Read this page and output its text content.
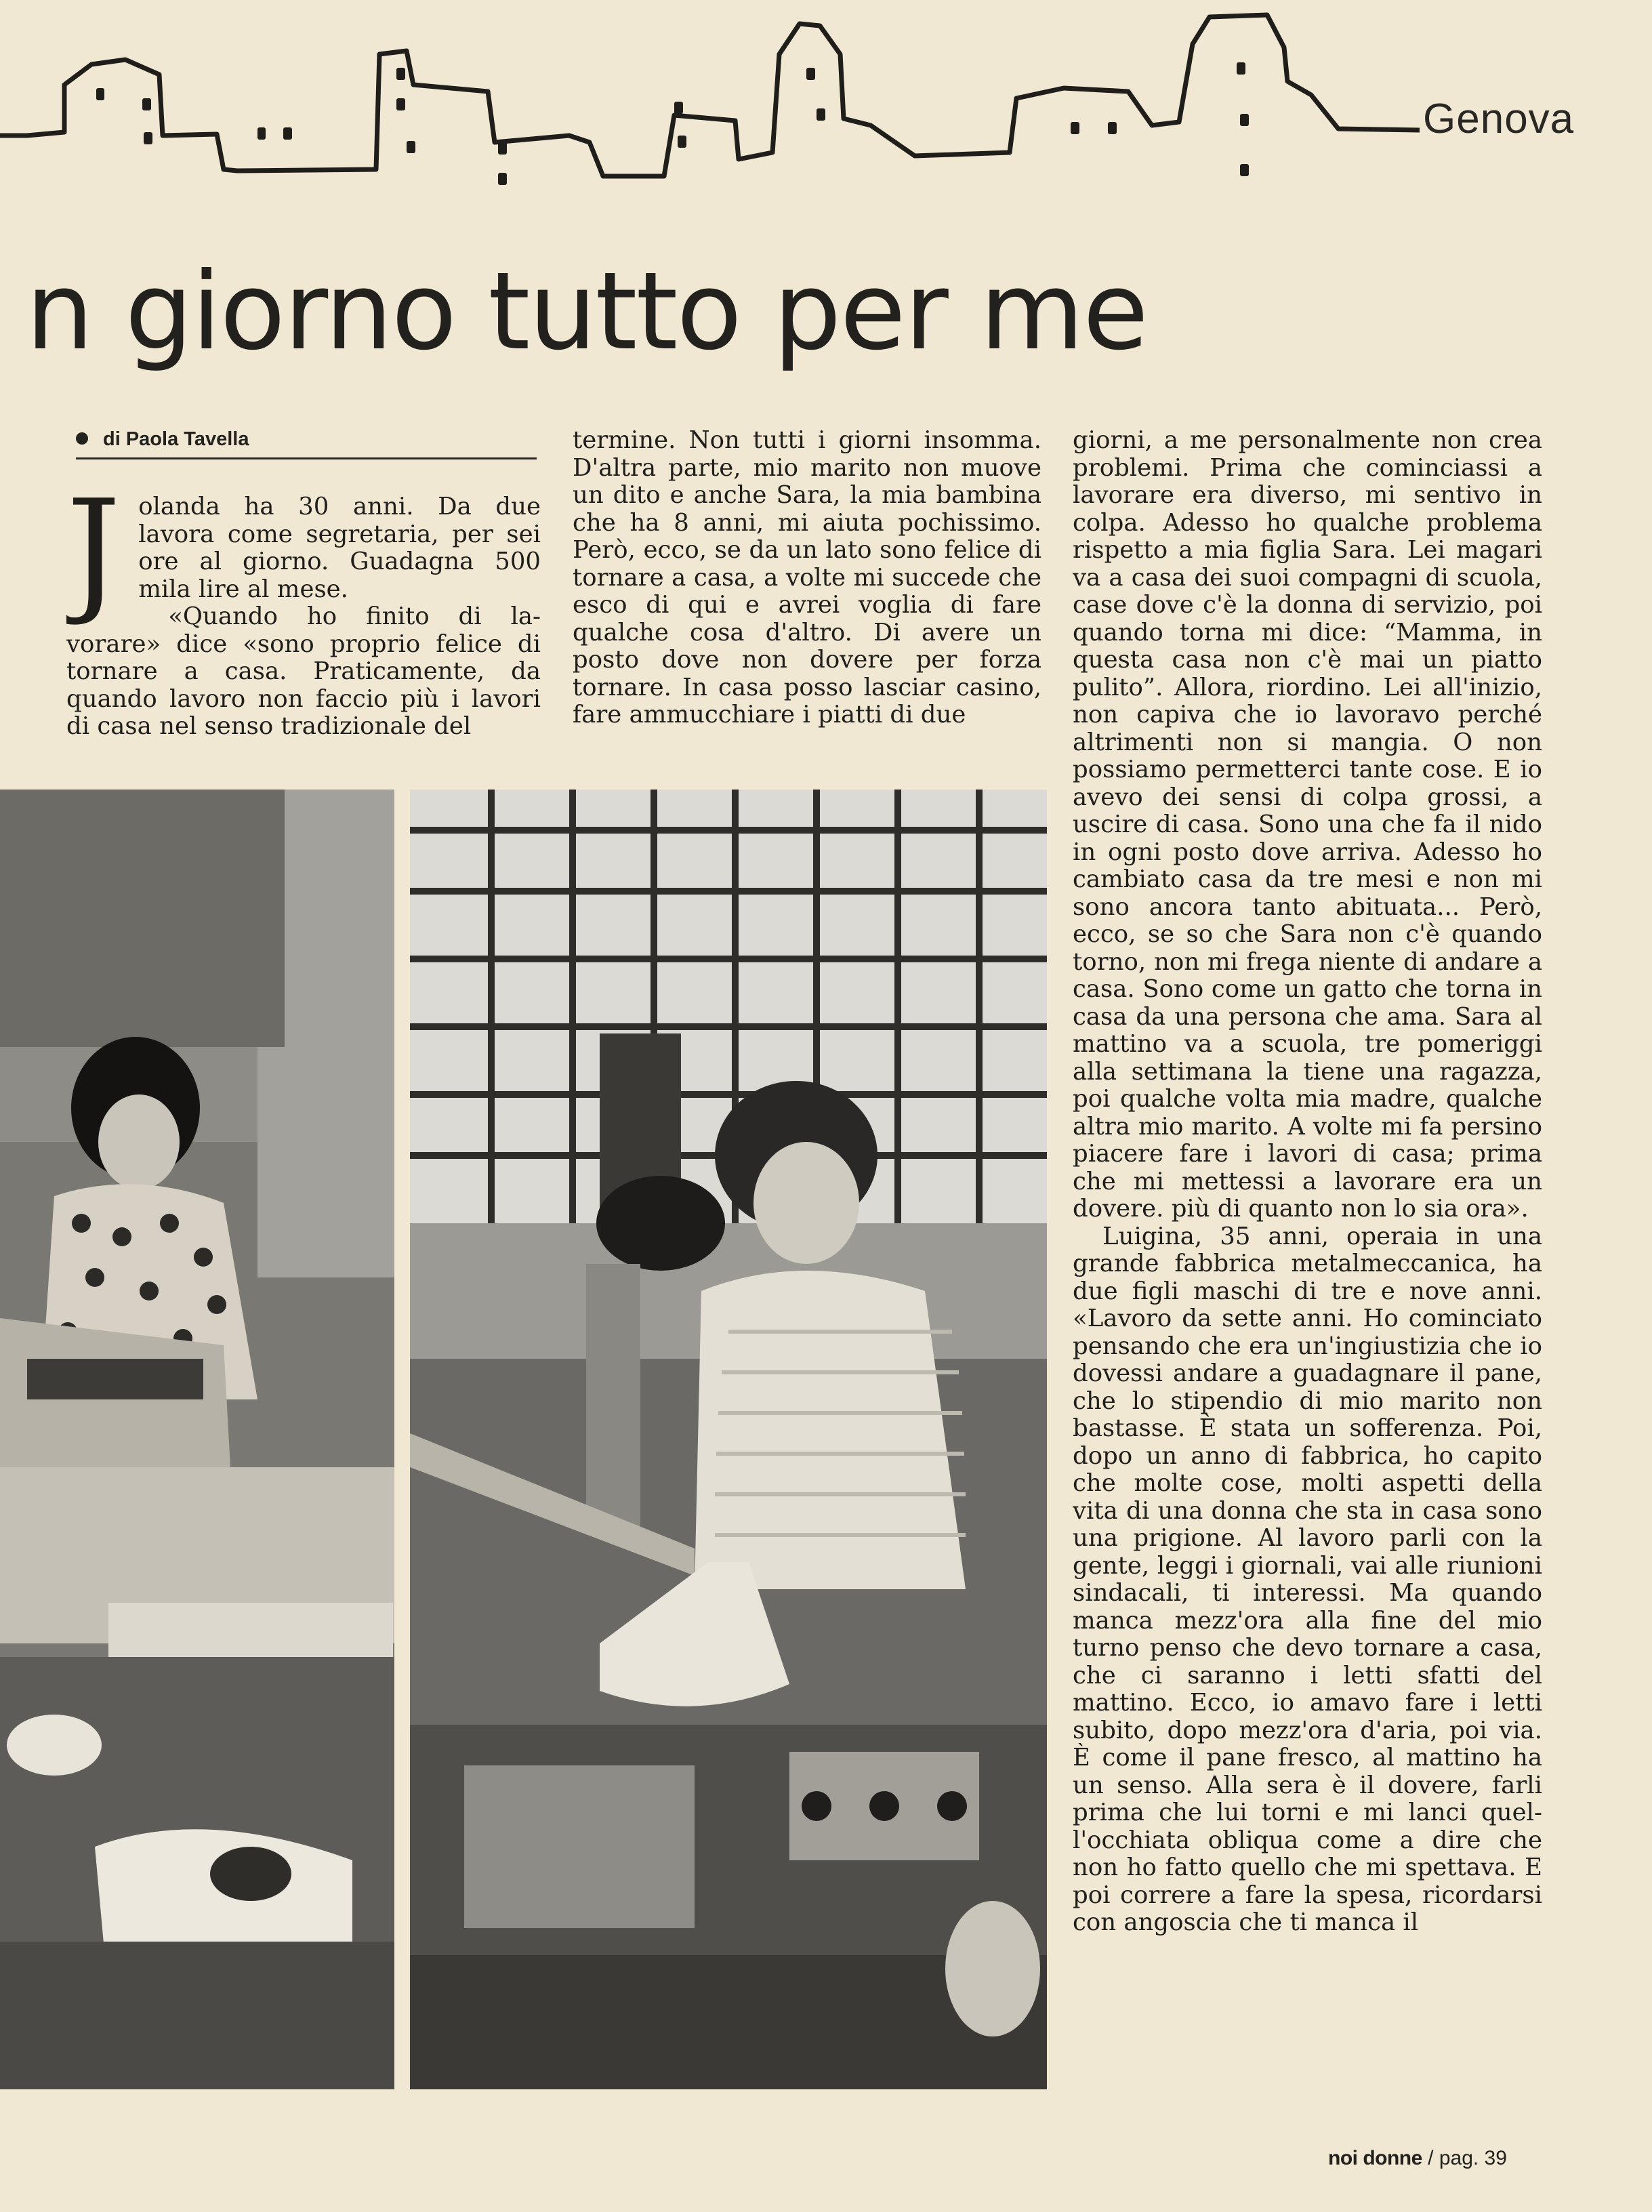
Genova
n giorno tutto per me
di Paola Tavella

Jolanda ha 30 anni. Da due lavora come segretaria, per sei ore al giorno. Guadagna 500 mila lire al mese.

«Quando ho finito di lavorare» dice «sono proprio felice di tornare a casa. Praticamente, da quando lavoro non faccio più i lavori di casa nel senso tradizionale del

termine. Non tutti i giorni insomma. D'altra parte, mio marito non muove un dito e anche Sara, la mia bambina che ha 8 anni, mi aiuta pochissimo. Però, ecco, se da un lato sono felice di tornare a casa, a volte mi succede che esco di qui e avrei voglia di fare qualche cosa d'altro. Di avere un posto dove non dovere per forza tornare. In casa posso lasciar casino, fare ammucchiare i piatti di due

giorni, a me personalmente non crea problemi. Prima che cominciassi a lavorare era diverso, mi sentivo in colpa. Adesso ho qualche problema rispetto a mia figlia Sara. Lei magari va a casa dei suoi compagni di scuola, case dove c'è la donna di servizio, poi quando torna mi dice: “Mamma, in questa casa non c'è mai un piatto pulito”. Allora, riordino. Lei all'inizio, non capiva che io lavoravo perché altrimenti non si mangia. O non possiamo permetterci tante cose. E io avevo dei sensi di colpa grossi, a uscire di casa. Sono una che fa il nido in ogni posto dove arriva. Adesso ho cambiato casa da tre mesi e non mi sono ancora tanto abituata... Però, ecco, se so che Sara non c'è quando torno, non mi frega niente di andare a casa. Sono come un gatto che torna in casa da una persona che ama. Sara al mattino va a scuola, tre pomeriggi alla settimana la tiene una ragazza, poi qualche volta mia madre, qualche altra mio marito. A volte mi fa persino piacere fare i lavori di casa; prima che mi mettessi a lavorare era un dovere. più di quanto non lo sia ora».

Luigina, 35 anni, operaia in una grande fabbrica metalmeccanica, ha due figli maschi di tre e nove anni. «Lavoro da sette anni. Ho cominciato pensando che era un'ingiustizia che io dovessi andare a guadagnare il pane, che lo stipendio di mio marito non bastasse. È stata un sofferenza. Poi, dopo un anno di fabbrica, ho capito che molte cose, molti aspetti della vita di una donna che sta in casa sono una prigione. Al lavoro parli con la gente, leggi i giornali, vai alle riunioni sindacali, ti interessi. Ma quando manca mezz'ora alla fine del mio turno penso che devo tornare a casa, che ci saranno i letti sfatti del mattino. Ecco, io amavo fare i letti subito, dopo mezz'ora d'aria, poi via. È come il pane fresco, al mattino ha un senso. Alla sera è il dovere, farli prima che lui torni e mi lanci quell'occhiata obliqua come a dire che non ho fatto quello che mi spettava. E poi correre a fare la spesa, ricordarsi con angoscia che ti manca il

noi donne / pag. 39
